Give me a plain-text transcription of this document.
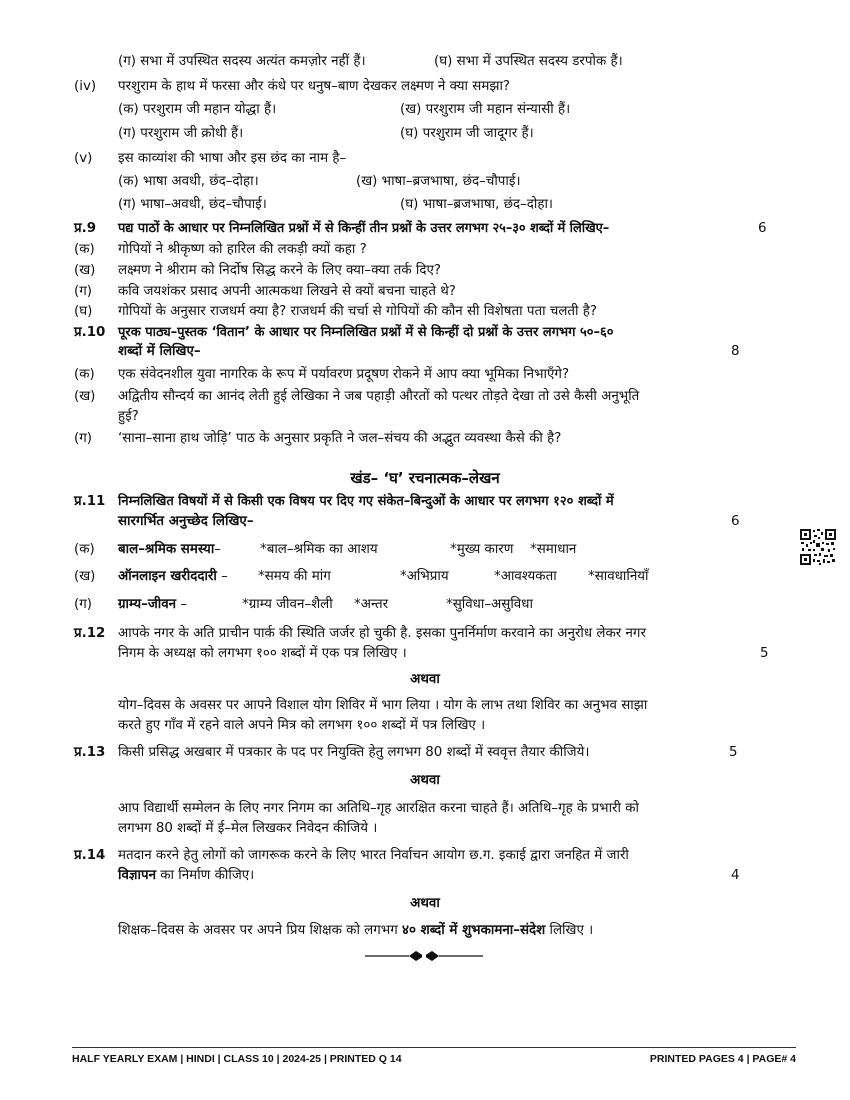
(ग) सभा में उपस्थित सदस्य अत्यंत कमज़ोर नहीं हैं।	(घ) सभा में उपस्थित सदस्य डरपोक हैं।
(iv) परशुराम के हाथ में फरसा और कंधे पर धनुष–बाण देखकर लक्ष्मण ने क्या समझा?
(क) परशुराम जी महान योद्धा हैं।	(ख) परशुराम जी महान संन्यासी हैं।
(ग) परशुराम जी क्रोधी हैं।	(घ) परशुराम जी जादूगर हैं।
(v) इस काव्यांश की भाषा और इस छंद का नाम है–
(क) भाषा अवधी, छंद–दोहा।	(ख) भाषा–ब्रजभाषा, छंद–चौपाई।
(ग) भाषा–अवधी, छंद–चौपाई।	(घ) भाषा–ब्रजभाषा, छंद–दोहा।
प्र.9 पद्य पाठों के आधार पर निम्नलिखित प्रश्नों में से किन्हीं तीन प्रश्नों के उत्तर लगभग २५–३० शब्दों में लिखिए–	6
(क) गोपियों ने श्रीकृष्ण को हारिल की लकड़ी क्यों कहा ?
(ख) लक्ष्मण ने श्रीराम को निर्दोष सिद्ध करने के लिए क्या–क्या तर्क दिए?
(ग) कवि जयशंकर प्रसाद अपनी आत्मकथा लिखने से क्यों बचना चाहते थे?
(घ) गोपियों के अनुसार राजधर्म क्या है? राजधर्म की चर्चा से गोपियों की कौन सी विशेषता पता चलती है?
प्र.10 पूरक पाठ्य–पुस्तक ‘वितान’ के आधार पर निम्नलिखित प्रश्नों में से किन्हीं दो प्रश्नों के उत्तर लगभग ५०–६०
शब्दों में लिखिए–	8
(क) एक संवेदनशील युवा नागरिक के रूप में पर्यावरण प्रदूषण रोकने में आप क्या भूमिका निभाएँगे?
(ख) अद्वितीय सौन्दर्य का आनंद लेती हुई लेखिका ने जब पहाड़ी औरतों को पत्थर तोड़ते देखा तो उसे कैसी अनुभूति
हुई?
(ग) ‘साना–साना हाथ जोड़ि’ पाठ के अनुसार प्रकृति ने जल–संचय की अद्भुत व्यवस्था कैसे की है?
खंड– ‘घ’ रचनात्मक–लेखन
प्र.11 निम्नलिखित विषयों में से किसी एक विषय पर दिए गए संकेत–बिन्दुओं के आधार पर लगभग १२० शब्दों में
सारगर्भित अनुच्छेद लिखिए–	6
(क) बाल–श्रमिक समस्या–	*बाल–श्रमिक का आशय	*मुख्य कारण *समाधान
(ख) ऑनलाइन खरीददारी – *समय की मांग	*अभिप्राय	*आवश्यकता *सावधानियाँ
(ग) ग्राम्य–जीवन –	*ग्राम्य जीवन–शैली *अन्तर	*सुविधा–असुविधा
प्र.12 आपके नगर के अति प्राचीन पार्क की स्थिति जर्जर हो चुकी है. इसका पुनर्निर्माण करवाने का अनुरोध लेकर नगर
निगम के अध्यक्ष को लगभग १०० शब्दों में एक पत्र लिखिए ।	5
अथवा
योग–दिवस के अवसर पर आपने विशाल योग शिविर में भाग लिया । योग के लाभ तथा शिविर का अनुभव साझा
करते हुए गाँव में रहने वाले अपने मित्र को लगभग १०० शब्दों में पत्र लिखिए ।
प्र.13 किसी प्रसिद्ध अखबार में पत्रकार के पद पर नियुक्ति हेतु लगभग 80 शब्दों में स्ववृत्त तैयार कीजिये।	5
अथवा
आप विद्यार्थी सम्मेलन के लिए नगर निगम का अतिथि–गृह आरक्षित करना चाहते हैं। अतिथि–गृह के प्रभारी को
लगभग 80 शब्दों में ई–मेल लिखकर निवेदन कीजिये ।
प्र.14 मतदान करने हेतु लोगों को जागरूक करने के लिए भारत निर्वाचन आयोग छ.ग. इकाई द्वारा जनहित में जारी
विज्ञापन का निर्माण कीजिए।	4
अथवा
शिक्षक–दिवस के अवसर पर अपने प्रिय शिक्षक को लगभग ४० शब्दों में शुभकामना–संदेश लिखिए ।
HALF YEARLY EXAM | HINDI | CLASS 10 | 2024-25 | PRINTED Q 14	PRINTED PAGES 4 | PAGE# 4
